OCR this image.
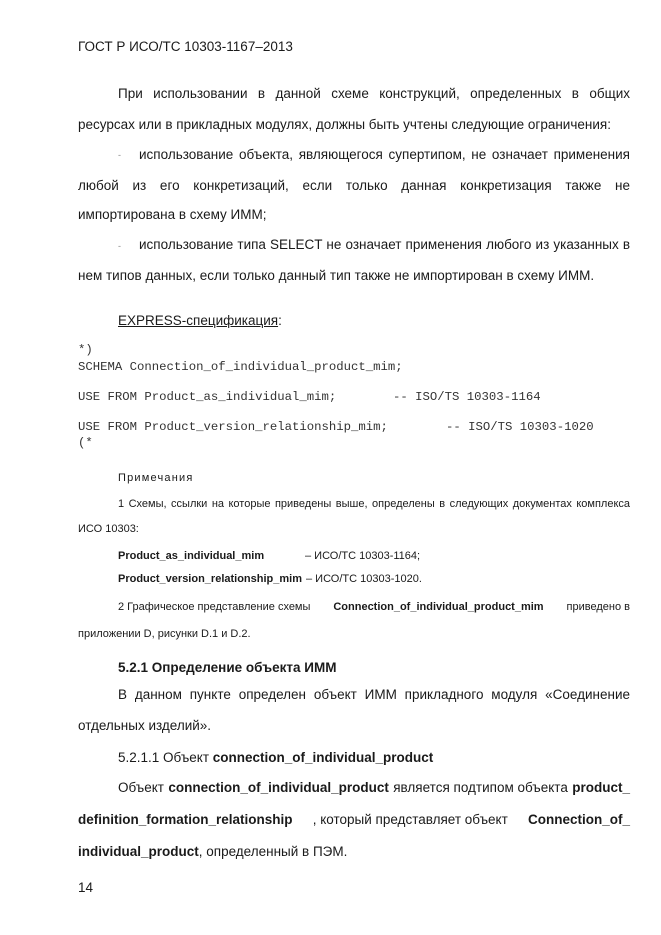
ГОСТ Р ИСО/ТС 10303-1167–2013
При использовании в данной схеме конструкций, определенных в общих
ресурсах или в прикладных модулях, должны быть учтены следующие ограничения:
- использование объекта, являющегося супертипом, не означает применения
любой из его конкретизаций, если только данная конкретизация также не
импортирована в схему ИММ;
- использование типа SELECT не означает применения любого из указанных в
нем типов данных, если только данный тип также не импортирован в схему ИММ.
EXPRESS-спецификация:
*)
SCHEMA Connection_of_individual_product_mim;
USE FROM Product_as_individual_mim;	-- ISO/TS 10303-1164
USE FROM Product_version_relationship_mim;	-- ISO/TS 10303-1020
(*
Примечания
1 Схемы, ссылки на которые приведены выше, определены в следующих документах комплекса
ИСО 10303:
Product_as_individual_mim	– ИСО/ТС 10303-1164;
Product_version_relationship_mim – ИСО/ТС 10303-1020.
2 Графическое представление схемы Connection_of_individual_product_mim приведено в
приложении D, рисунки D.1 и D.2.
5.2.1 Определение объекта ИММ
В данном пункте определен объект ИММ прикладного модуля «Соединение
отдельных изделий».
5.2.1.1 Объект connection_of_individual_product
Объект connection_of_individual_product является подтипом объекта product_
definition_formation_relationship , который представляет объект Connection_of_
individual_product, определенный в ПЭМ.
14
